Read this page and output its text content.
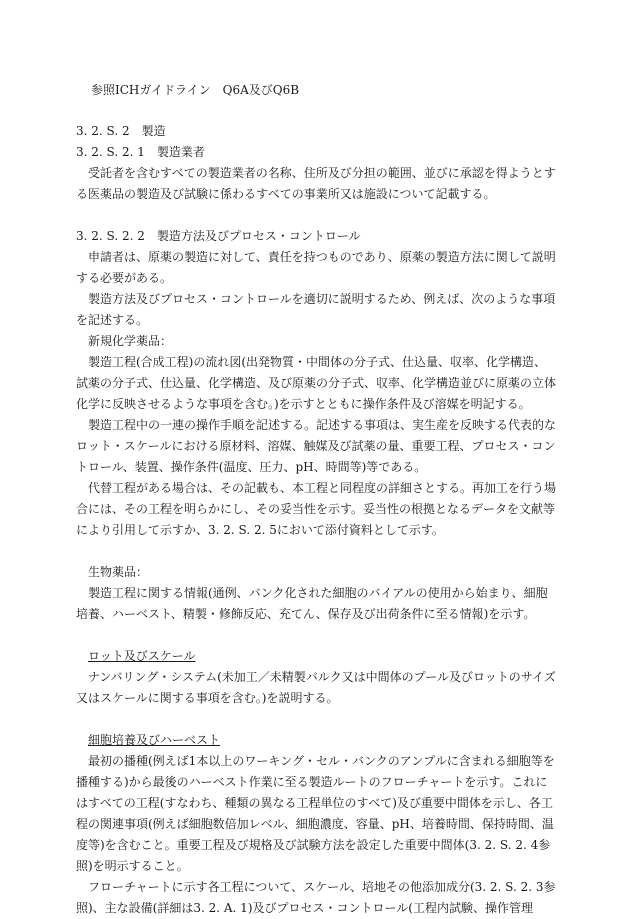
参照ICHガイドライン　Q6A及びQ6B

3. 2. S. 2　製造

3. 2. S. 2. 1　製造業者

受託者を含むすべての製造業者の名称、住所及び分担の範囲、並びに承認を得ようとする医薬品の製造及び試験に係わるすべての事業所又は施設について記載する。

3. 2. S. 2. 2　製造方法及びプロセス・コントロール

申請者は、原薬の製造に対して、責任を持つものであり、原薬の製造方法に関して説明する必要がある。

製造方法及びプロセス・コントロールを適切に説明するため、例えば、次のような事項を記述する。

新規化学薬品：

製造工程(合成工程)の流れ図(出発物質・中間体の分子式、仕込量、収率、化学構造、試薬の分子式、仕込量、化学構造、及び原薬の分子式、収率、化学構造並びに原薬の立体化学に反映させるような事項を含む。)を示すとともに操作条件及び溶媒を明記する。

製造工程中の一連の操作手順を記述する。記述する事項は、実生産を反映する代表的なロット・スケールにおける原材料、溶媒、触媒及び試薬の量、重要工程、プロセス・コントロール、装置、操作条件(温度、圧力、pH、時間等)等である。

代替工程がある場合は、その記載も、本工程と同程度の詳細さとする。再加工を行う場合には、その工程を明らかにし、その妥当性を示す。妥当性の根拠となるデータを文献等により引用して示すか、3. 2. S. 2. 5において添付資料として示す。

生物薬品：

製造工程に関する情報(通例、バンク化された細胞のバイアルの使用から始まり、細胞培養、ハーベスト、精製・修飾反応、充てん、保存及び出荷条件に至る情報)を示す。

ロット及びスケール

ナンバリング・システム(未加工／未精製バルク又は中間体のプール及びロットのサイズ又はスケールに関する事項を含む。)を説明する。

細胞培養及びハーベスト

最初の播種(例えば1本以上のワーキング・セル・バンクのアンプルに含まれる細胞等を播種する)から最後のハーベスト作業に至る製造ルートのフローチャートを示す。これにはすべての工程(すなわち、種類の異なる工程単位のすべて)及び重要中間体を示し、各工程の関連事項(例えば細胞数倍加レベル、細胞濃度、容量、pH、培養時間、保持時間、温度等)を含むこと。重要工程及び規格及び試験方法を設定した重要中間体(3. 2. S. 2. 4参照)を明示すること。

フローチャートに示す各工程について、スケール、培地その他添加成分(3. 2. S. 2. 3参照)、主な設備(詳細は3. 2. A. 1)及びプロセス・コントロール(工程内試験、操作管理
